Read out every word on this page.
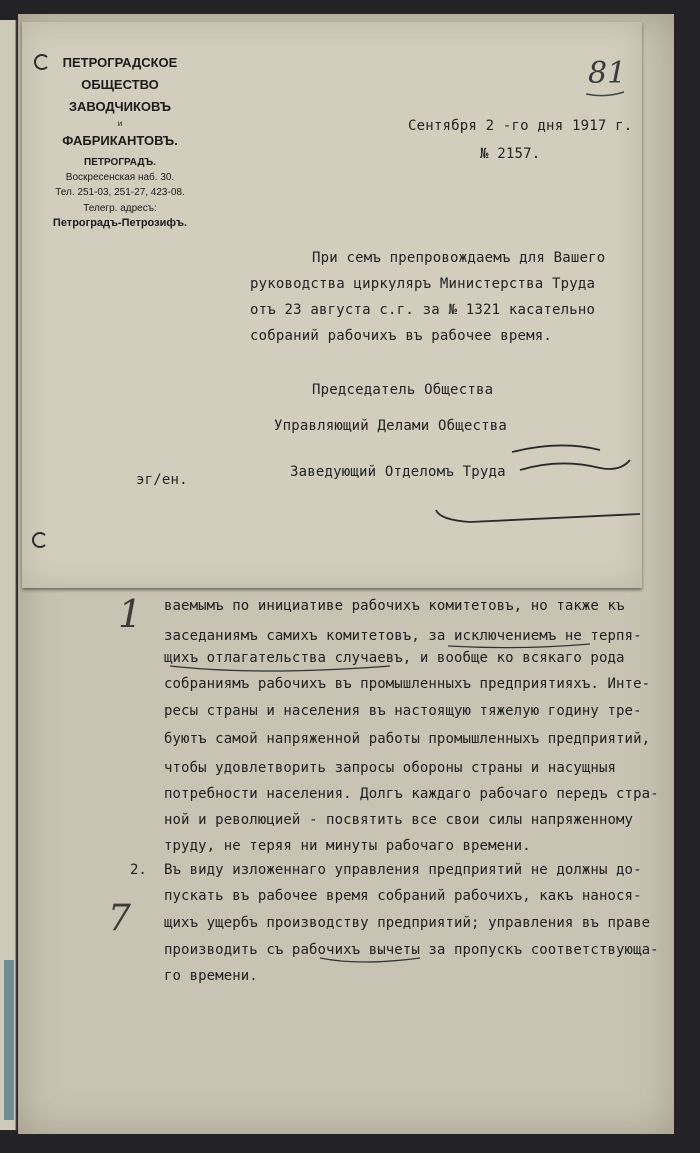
ваемымъ по инициативе рабочихъ комитетовъ, но также къ
заседаниямъ самихъ комитетовъ, за исключениемъ не терпя-
щихъ отлагательства случаевъ, и вообще ко всякаго рода
собраниямъ рабочихъ въ промышленныхъ предприятияхъ. Инте-
ресы страны и населения въ настоящую тяжелую годину тре-
буютъ самой напряженной работы промышленныхъ предприятий,
чтобы удовлетворить запросы обороны страны и насущныя
потребности населения. Долгъ каждаго рабочаго передъ стра-
ной и революцией - посвятить все свои силы напряженному
труду, не теряя ни минуты рабочаго времени.
2. Въ виду изложеннаго управления предприятий не должны до-
пускать въ рабочее время собраний рабочихъ, какъ нанося-
щихъ ущербъ производству предприятий; управления въ праве
производить съ рабочихъ вычеты за пропускъ соответствующа-
го времени.
1
7
ПЕТРОГРАДСКОЕ
ОБЩЕСТВО ЗАВОДЧИКОВЪ
и
ФАБРИКАНТОВЪ.
ПЕТРОГРАДЪ.
Воскресенская наб. 30.
Тел. 251-03, 251-27, 423-08.
Телегр. адресъ:
Петроградъ-Петрозифъ.
81
Сентября 2 -го дня 1917 г.
№ 2157.
При семъ препровождаемъ для Вашего
руководства циркуляръ Министерства Труда
отъ 23 августа с.г. за № 1321 касательно
собраний рабочихъ въ рабочее время.
Председатель Общества
Управляющий Делами Общества
Заведующий Отделомъ Труда
эг/ен.
